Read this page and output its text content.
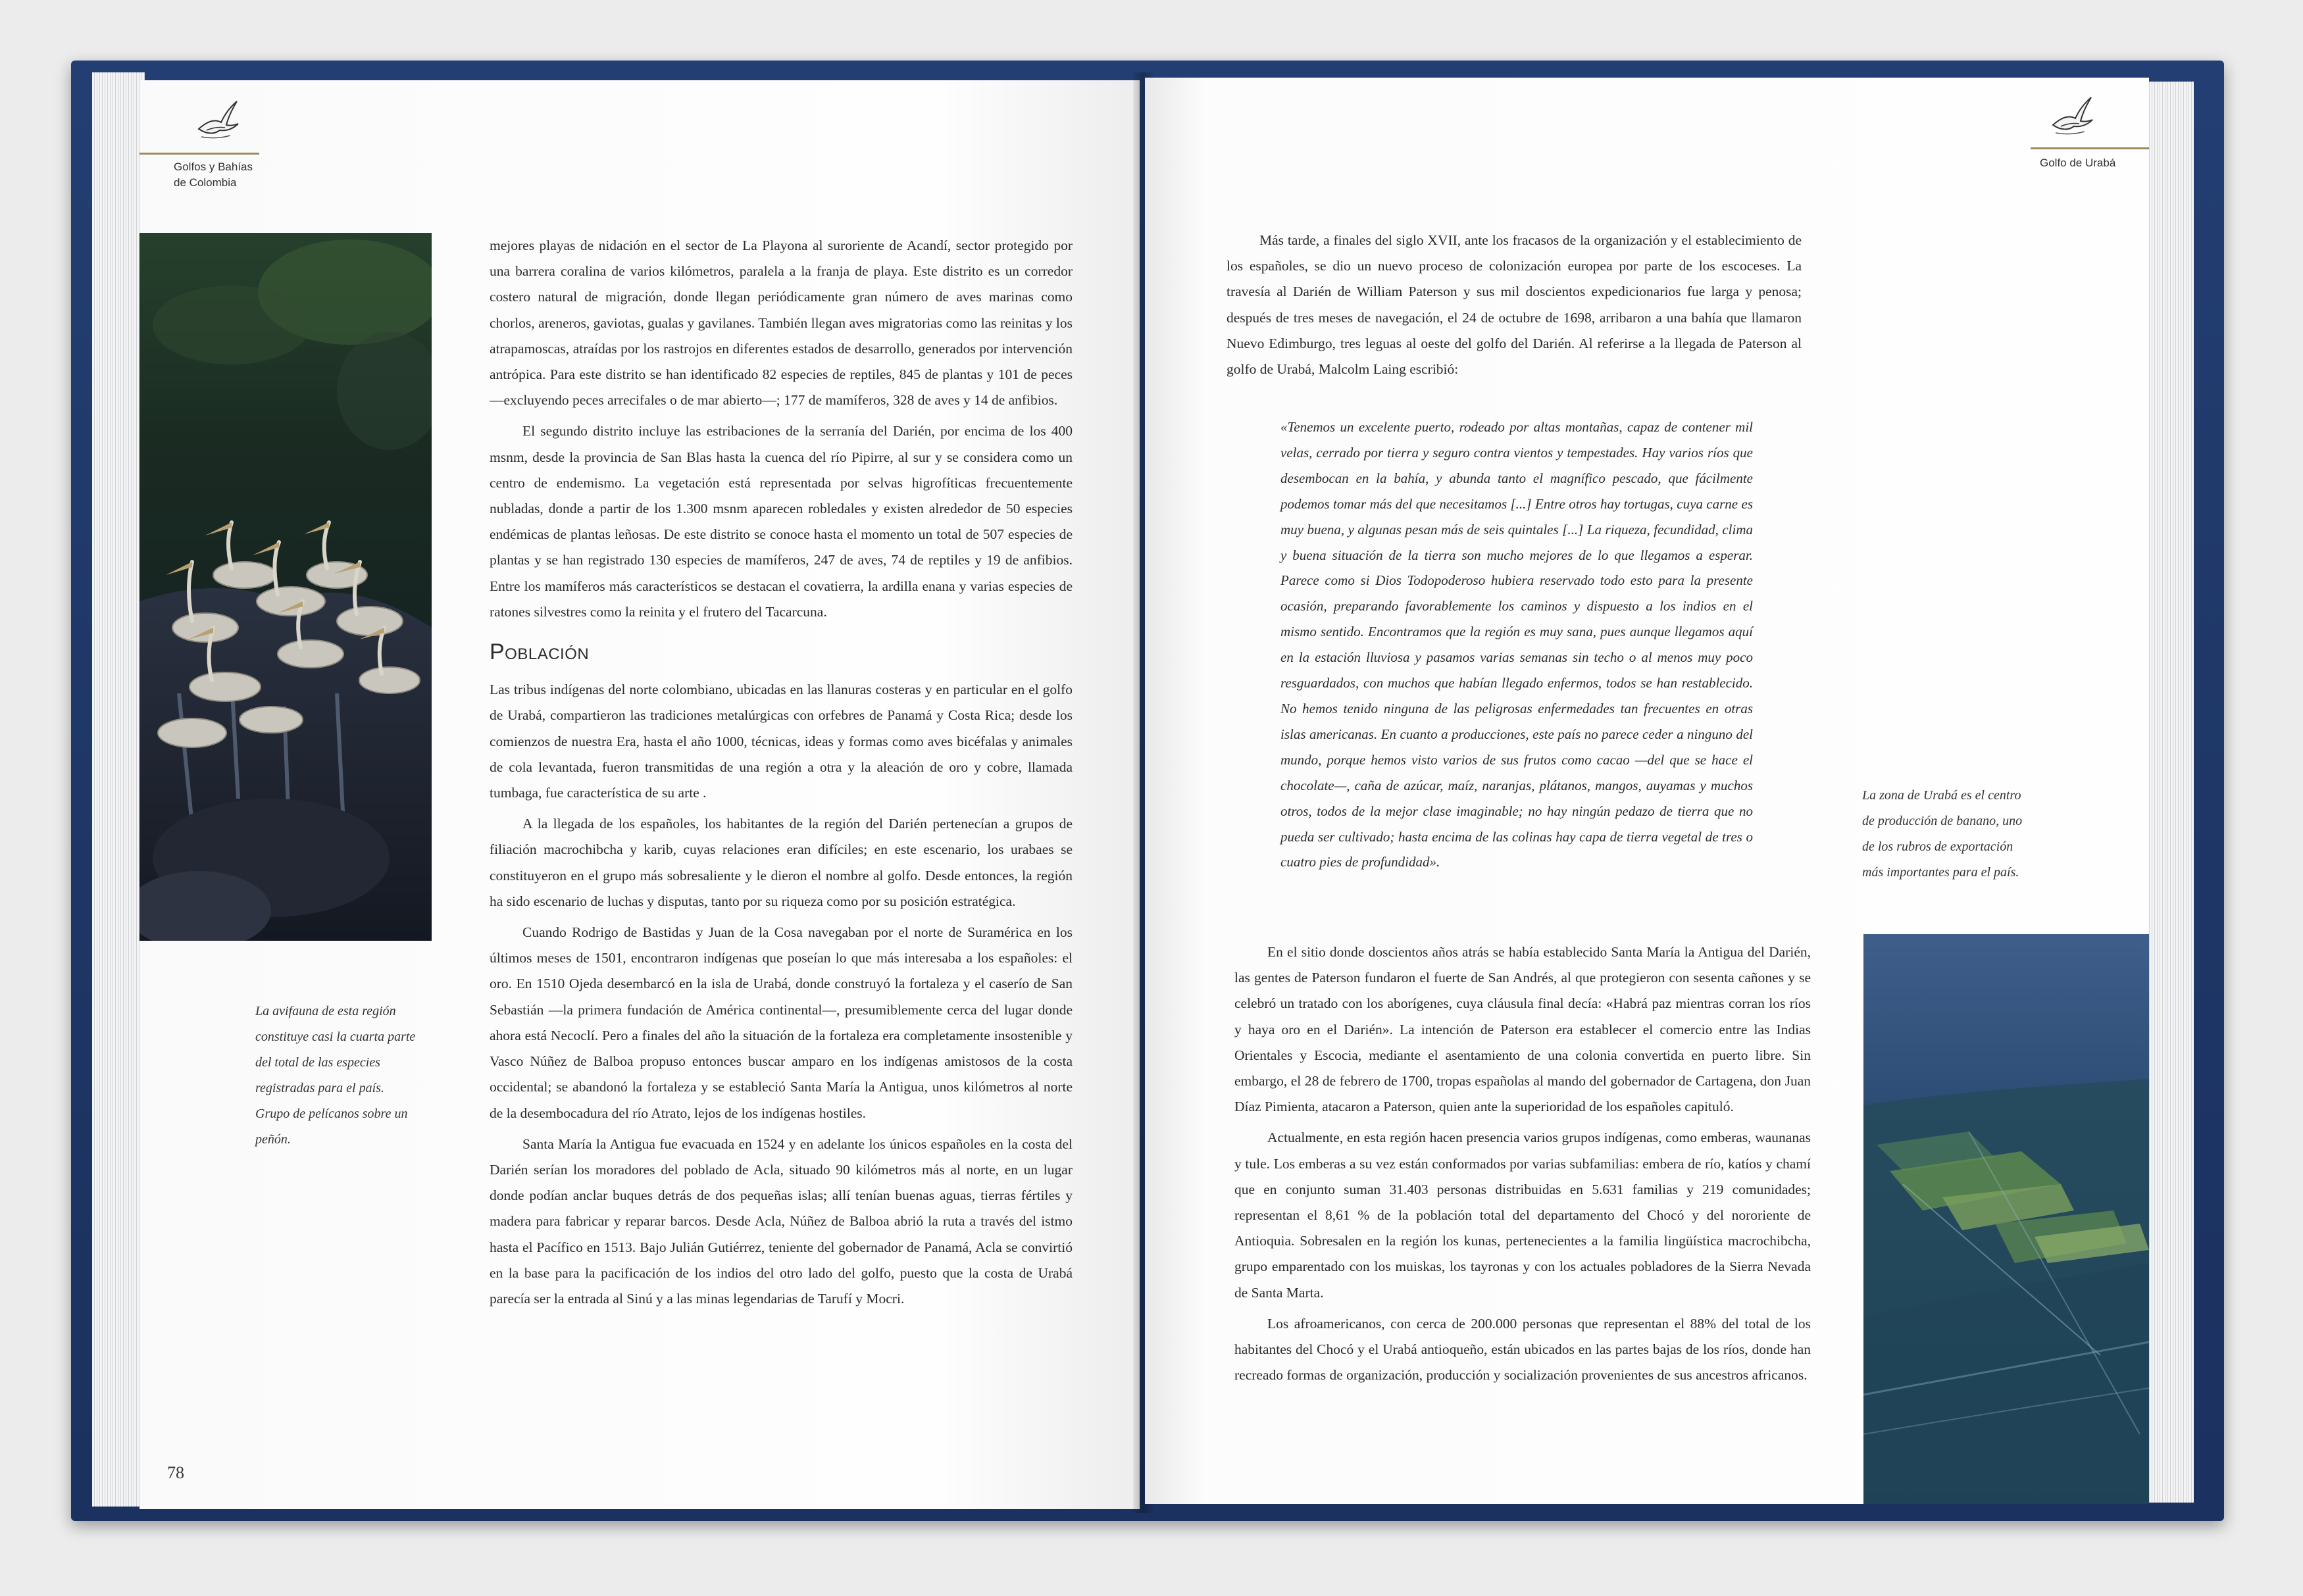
Golfos y Bahías
de Colombia
La avifauna de esta región
constituye casi la cuarta parte
del total de las especies
registradas para el país.
Grupo de pelícanos sobre un
peñón.

mejores playas de nidación en el sector de La Playona al suroriente de Acandí, sector protegido por una barrera coralina de varios kilómetros, paralela a la franja de playa. Este distrito es un corredor costero natural de migración, donde llegan periódicamente gran número de aves marinas como chorlos, areneros, gaviotas, gualas y gavilanes. También llegan aves migratorias como las reinitas y los atrapamoscas, atraídas por los rastrojos en diferentes estados de desarrollo, generados por intervención antrópica. Para este distrito se han identificado 82 especies de reptiles, 845 de plantas y 101 de peces —excluyendo peces arrecifales o de mar abierto—; 177 de mamíferos, 328 de aves y 14 de anfibios.

El segundo distrito incluye las estribaciones de la serranía del Darién, por encima de los 400 msnm, desde la provincia de San Blas hasta la cuenca del río Pipirre, al sur y se considera como un centro de endemismo. La vegetación está representada por selvas higrofíticas frecuentemente nubladas, donde a partir de los 1.300 msnm aparecen robledales y existen alrededor de 50 especies endémicas de plantas leñosas. De este distrito se conoce hasta el momento un total de 507 especies de plantas y se han registrado 130 especies de mamíferos, 247 de aves, 74 de reptiles y 19 de anfibios. Entre los mamíferos más característicos se destacan el covatierra, la ardilla enana y varias especies de ratones silvestres como la reinita y el frutero del Tacarcuna.

Población

Las tribus indígenas del norte colombiano, ubicadas en las llanuras costeras y en particular en el golfo de Urabá, compartieron las tradiciones metalúrgicas con orfebres de Panamá y Costa Rica; desde los comienzos de nuestra Era, hasta el año 1000, técnicas, ideas y formas como aves bicéfalas y animales de cola levantada, fueron transmitidas de una región a otra y la aleación de oro y cobre, llamada tumbaga, fue característica de su arte .

A la llegada de los españoles, los habitantes de la región del Darién pertenecían a grupos de filiación macrochibcha y karib, cuyas relaciones eran difíciles; en este escenario, los urabaes se constituyeron en el grupo más sobresaliente y le dieron el nombre al golfo. Desde entonces, la región ha sido escenario de luchas y disputas, tanto por su riqueza como por su posición estratégica.

Cuando Rodrigo de Bastidas y Juan de la Cosa navegaban por el norte de Suramérica en los últimos meses de 1501, encontraron indígenas que poseían lo que más interesaba a los españoles: el oro. En 1510 Ojeda desembarcó en la isla de Urabá, donde construyó la fortaleza y el caserío de San Sebastián —la primera fundación de América continental—, presumiblemente cerca del lugar donde ahora está Necoclí. Pero a finales del año la situación de la fortaleza era completamente insostenible y Vasco Núñez de Balboa propuso entonces buscar amparo en los indígenas amistosos de la costa occidental; se abandonó la fortaleza y se estableció Santa María la Antigua, unos kilómetros al norte de la desembocadura del río Atrato, lejos de los indígenas hostiles.

Santa María la Antigua fue evacuada en 1524 y en adelante los únicos españoles en la costa del Darién serían los moradores del poblado de Acla, situado 90 kilómetros más al norte, en un lugar donde podían anclar buques detrás de dos pequeñas islas; allí tenían buenas aguas, tierras fértiles y madera para fabricar y reparar barcos. Desde Acla, Núñez de Balboa abrió la ruta a través del istmo hasta el Pacífico en 1513. Bajo Julián Gutiérrez, teniente del gobernador de Panamá, Acla se convirtió en la base para la pacificación de los indios del otro lado del golfo, puesto que la costa de Urabá parecía ser la entrada al Sinú y a las minas legendarias de Tarufí y Mocri.

78
Golfo de Urabá

Más tarde, a finales del siglo XVII, ante los fracasos de la organización y el establecimiento de los españoles, se dio un nuevo proceso de colonización europea por parte de los escoceses. La travesía al Darién de William Paterson y sus mil doscientos expedicionarios fue larga y penosa; después de tres meses de navegación, el 24 de octubre de 1698, arribaron a una bahía que llamaron Nuevo Edimburgo, tres leguas al oeste del golfo del Darién. Al referirse a la llegada de Paterson al golfo de Urabá, Malcolm Laing escribió:

«Tenemos un excelente puerto, rodeado por altas montañas, capaz de contener mil velas, cerrado por tierra y seguro contra vientos y tempestades. Hay varios ríos que desembocan en la bahía, y abunda tanto el magnífico pescado, que fácilmente podemos tomar más del que necesitamos [...] Entre otros hay tortugas, cuya carne es muy buena, y algunas pesan más de seis quintales [...] La riqueza, fecundidad, clima y buena situación de la tierra son mucho mejores de lo que llegamos a esperar. Parece como si Dios Todopoderoso hubiera reservado todo esto para la presente ocasión, preparando favorablemente los caminos y dispuesto a los indios en el mismo sentido. Encontramos que la región es muy sana, pues aunque llegamos aquí en la estación lluviosa y pasamos varias semanas sin techo o al menos muy poco resguardados, con muchos que habían llegado enfermos, todos se han restablecido. No hemos tenido ninguna de las peligrosas enfermedades tan frecuentes en otras islas americanas. En cuanto a producciones, este país no parece ceder a ninguno del mundo, porque hemos visto varios de sus frutos como cacao —del que se hace el chocolate—, caña de azúcar, maíz, naranjas, plátanos, mangos, auyamas y muchos otros, todos de la mejor clase imaginable; no hay ningún pedazo de tierra que no pueda ser cultivado; hasta encima de las colinas hay capa de tierra vegetal de tres o cuatro pies de profundidad».
La zona de Urabá es el centro
de producción de banano, uno
de los rubros de exportación
más importantes para el país.

En el sitio donde doscientos años atrás se había establecido Santa María la Antigua del Darién, las gentes de Paterson fundaron el fuerte de San Andrés, al que protegieron con sesenta cañones y se celebró un tratado con los aborígenes, cuya cláusula final decía: «Habrá paz mientras corran los ríos y haya oro en el Darién». La intención de Paterson era establecer el comercio entre las Indias Orientales y Escocia, mediante el asentamiento de una colonia convertida en puerto libre. Sin embargo, el 28 de febrero de 1700, tropas españolas al mando del gobernador de Cartagena, don Juan Díaz Pimienta, atacaron a Paterson, quien ante la superioridad de los españoles capituló.

Actualmente, en esta región hacen presencia varios grupos indígenas, como emberas, waunanas y tule. Los emberas a su vez están conformados por varias subfamilias: embera de río, katíos y chamí que en conjunto suman 31.403 personas distribuidas en 5.631 familias y 219 comunidades; representan el 8,61 % de la población total del departamento del Chocó y del nororiente de Antioquia. Sobresalen en la región los kunas, pertenecientes a la familia lingüística macrochibcha, grupo emparentado con los muiskas, los tayronas y con los actuales pobladores de la Sierra Nevada de Santa Marta.

Los afroamericanos, con cerca de 200.000 personas que representan el 88% del total de los habitantes del Chocó y el Urabá antioqueño, están ubicados en las partes bajas de los ríos, donde han recreado formas de organización, producción y socialización provenientes de sus ancestros africanos.
